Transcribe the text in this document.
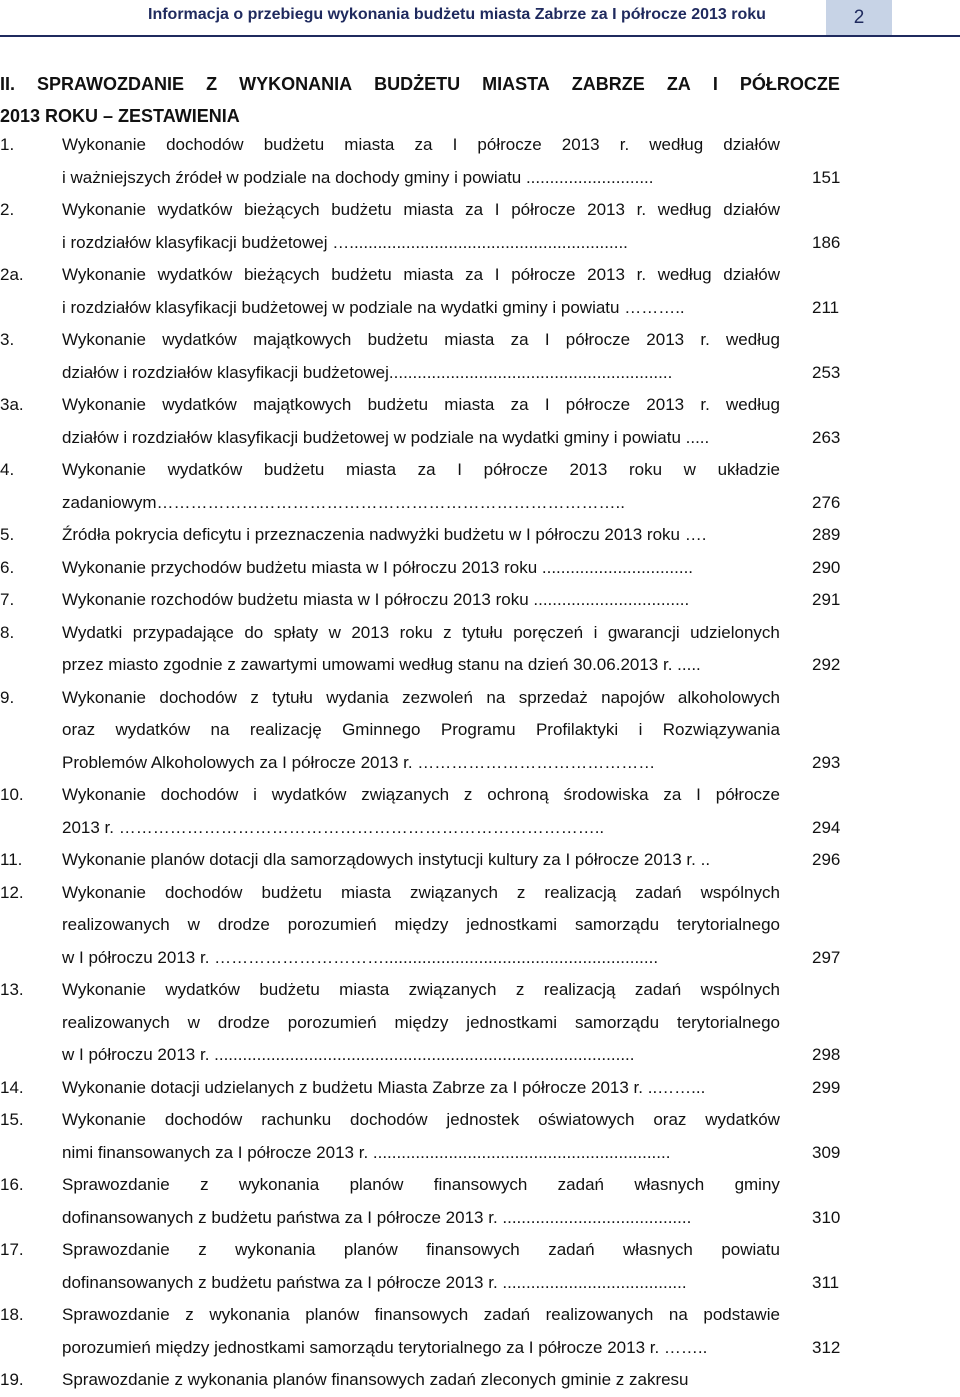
Informacja o przebiegu wykonania budżetu miasta Zabrze za I półrocze 2013 roku	2
II. SPRAWOZDANIE Z WYKONANIA BUDŻETU MIASTA ZABRZE ZA I PÓŁROCZE
2013 ROKU – ZESTAWIENIA
1.	Wykonanie dochodów budżetu miasta za I półrocze 2013 r. według działów
i ważniejszych źródeł w podziale na dochody gminy i powiatu ...........................	151
2.	Wykonanie wydatków bieżących budżetu miasta za I półrocze 2013 r. według działów
i rozdziałów klasyfikacji budżetowej …...........................................................	186
2a.	Wykonanie wydatków bieżących budżetu miasta za I półrocze 2013 r. według działów
i rozdziałów klasyfikacji budżetowej w podziale na wydatki gminy i powiatu ………..	211
3.	Wykonanie wydatków majątkowych budżetu miasta za I półrocze 2013 r. według
działów i rozdziałów klasyfikacji budżetowej............................................................	253
3a.	Wykonanie wydatków majątkowych budżetu miasta za I półrocze 2013 r. według
działów i rozdziałów klasyfikacji budżetowej w podziale na wydatki gminy i powiatu .....	263
4.	Wykonanie wydatków budżetu miasta za I półrocze 2013 roku w układzie
zadaniowym………………………………………………………………………..	276
5.	Źródła pokrycia deficytu i przeznaczenia nadwyżki budżetu w I półroczu 2013 roku ….	289
6.	Wykonanie przychodów budżetu miasta w I półroczu 2013 roku ................................	290
7.	Wykonanie rozchodów budżetu miasta w I półroczu 2013 roku .................................	291
8.	Wydatki przypadające do spłaty w 2013 roku z tytułu poręczeń i gwarancji udzielonych
przez miasto zgodnie z zawartymi umowami według stanu na dzień 30.06.2013 r. .....	292
9.	Wykonanie dochodów z tytułu wydania zezwoleń na sprzedaż napojów alkoholowych
oraz wydatków na realizację Gminnego Programu Profilaktyki i Rozwiązywania
Problemów Alkoholowych za I półrocze 2013 r. ……………………………………	293
10.	Wykonanie dochodów i wydatków związanych z ochroną środowiska za I półrocze
2013 r. …………………………………………………………………………..	294
11.	Wykonanie planów dotacji dla samorządowych instytucji kultury za I półrocze 2013 r. ..	296
12.	Wykonanie dochodów budżetu miasta związanych z realizacją zadań wspólnych
realizowanych w drodze porozumień między jednostkami samorządu terytorialnego
w I półroczu 2013 r. …………………………..........................................................	297
13.	Wykonanie wydatków budżetu miasta związanych z realizacją zadań wspólnych
realizowanych w drodze porozumień między jednostkami samorządu terytorialnego
w I półroczu 2013 r. .........................................................................................	298
14.	Wykonanie dotacji udzielanych z budżetu Miasta Zabrze za I półrocze 2013 r. ..……...	299
15.	Wykonanie dochodów rachunku dochodów jednostek oświatowych oraz wydatków
nimi finansowanych za I półrocze 2013 r. ...............................................................	309
16.	Sprawozdanie z wykonania planów finansowych zadań własnych gminy
dofinansowanych z budżetu państwa za I półrocze 2013 r. ........................................	310
17.	Sprawozdanie z wykonania planów finansowych zadań własnych powiatu
dofinansowanych z budżetu państwa za I półrocze 2013 r. .......................................	311
18.	Sprawozdanie z wykonania planów finansowych zadań realizowanych na podstawie
porozumień między jednostkami samorządu terytorialnego za I półrocze 2013 r. ……..	312
19.	Sprawozdanie z wykonania planów finansowych zadań zleconych gminie z zakresu
